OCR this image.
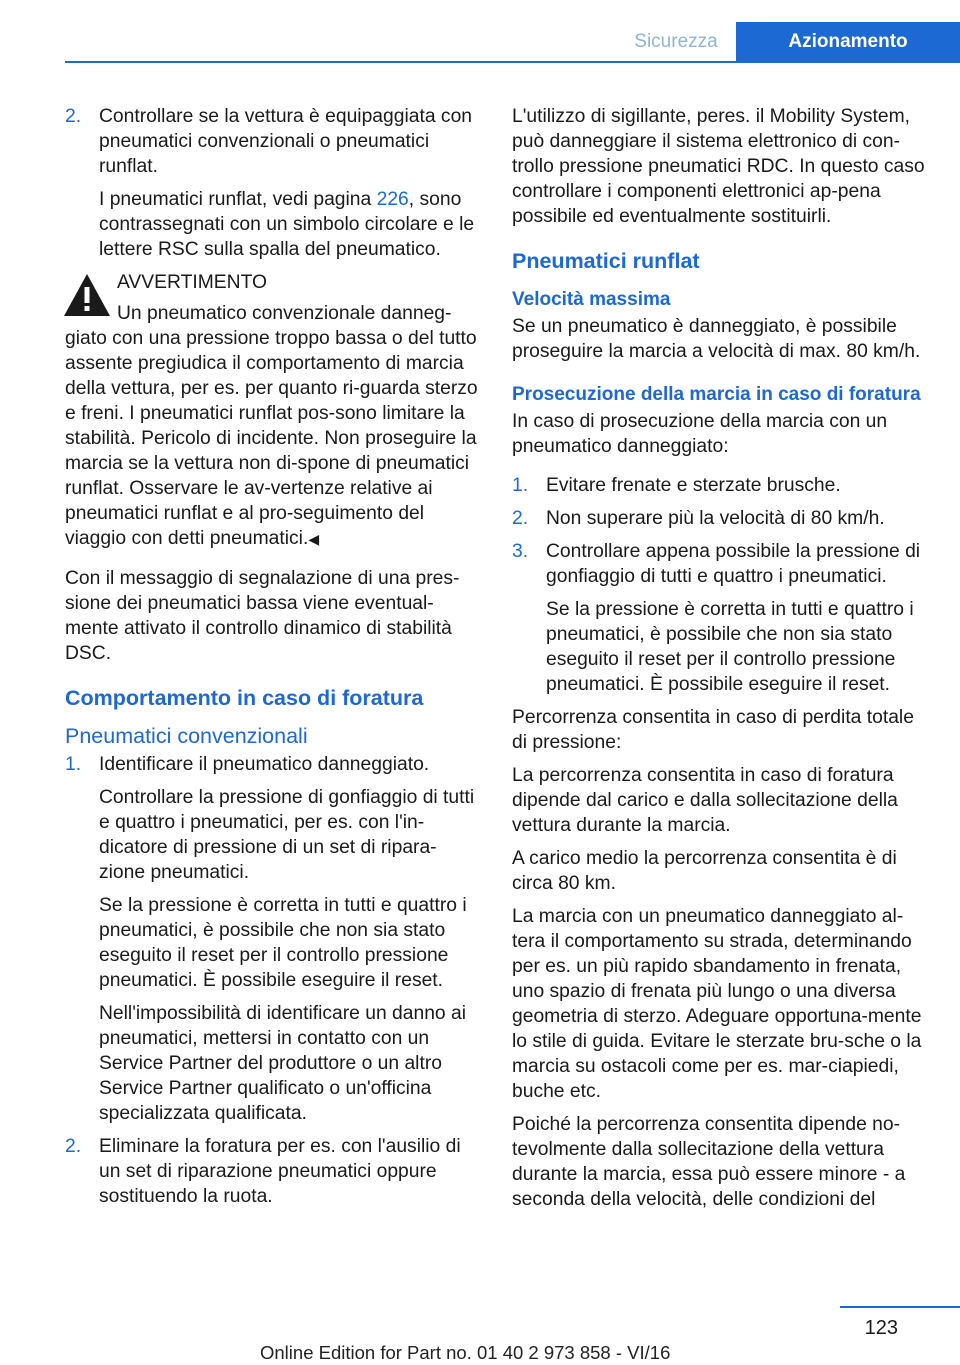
Sicurezza	Azionamento
2. Controllare se la vettura è equipaggiata con pneumatici convenzionali o pneumatici runflat.

I pneumatici runflat, vedi pagina 226, sono contrassegnati con un simbolo circolare e le lettere RSC sulla spalla del pneumatico.

AVVERTIMENTO

Un pneumatico convenzionale danneg-

giato con una pressione troppo bassa o del tutto assente pregiudica il comportamento di marcia della vettura, per es. per quanto ri-guarda sterzo e freni. I pneumatici runflat pos-sono limitare la stabilità. Pericolo di incidente. Non proseguire la marcia se la vettura non di-spone di pneumatici runflat. Osservare le av-vertenze relative ai pneumatici runflat e al pro-seguimento del viaggio con detti pneumatici.◀

Con il messaggio di segnalazione di una pres-sione dei pneumatici bassa viene eventual-mente attivato il controllo dinamico di stabilità DSC.

Comportamento in caso di foratura
Pneumatici convenzionali
1. Identificare il pneumatico danneggiato.

Controllare la pressione di gonfiaggio di tutti e quattro i pneumatici, per es. con l'in-dicatore di pressione di un set di ripara-zione pneumatici.

Se la pressione è corretta in tutti e quattro i pneumatici, è possibile che non sia stato eseguito il reset per il controllo pressione pneumatici. È possibile eseguire il reset.

Nell'impossibilità di identificare un danno ai pneumatici, mettersi in contatto con un Service Partner del produttore o un altro Service Partner qualificato o un'officina specializzata qualificata.

2. Eliminare la foratura per es. con l'ausilio di un set di riparazione pneumatici oppure sostituendo la ruota.

L'utilizzo di sigillante, peres. il Mobility System, può danneggiare il sistema elettronico di con-trollo pressione pneumatici RDC. In questo caso controllare i componenti elettronici ap-pena possibile ed eventualmente sostituirli.

Pneumatici runflat
Velocità massima

Se un pneumatico è danneggiato, è possibile proseguire la marcia a velocità di max. 80 km/h.

Prosecuzione della marcia in caso di foratura

In caso di prosecuzione della marcia con un pneumatico danneggiato:

1. Evitare frenate e sterzate brusche.

2. Non superare più la velocità di 80 km/h.

3. Controllare appena possibile la pressione di gonfiaggio di tutti e quattro i pneumatici.

Se la pressione è corretta in tutti e quattro i pneumatici, è possibile che non sia stato eseguito il reset per il controllo pressione pneumatici. È possibile eseguire il reset.

Percorrenza consentita in caso di perdita totale di pressione:

La percorrenza consentita in caso di foratura dipende dal carico e dalla sollecitazione della vettura durante la marcia.

A carico medio la percorrenza consentita è di circa 80 km.

La marcia con un pneumatico danneggiato al-tera il comportamento su strada, determinando per es. un più rapido sbandamento in frenata, uno spazio di frenata più lungo o una diversa geometria di sterzo. Adeguare opportuna-mente lo stile di guida. Evitare le sterzate bru-sche o la marcia su ostacoli come per es. mar-ciapiedi, buche etc.

Poiché la percorrenza consentita dipende no-tevolmente dalla sollecitazione della vettura durante la marcia, essa può essere minore - a seconda della velocità, delle condizioni del

123
Online Edition for Part no. 01 40 2 973 858 - VI/16
